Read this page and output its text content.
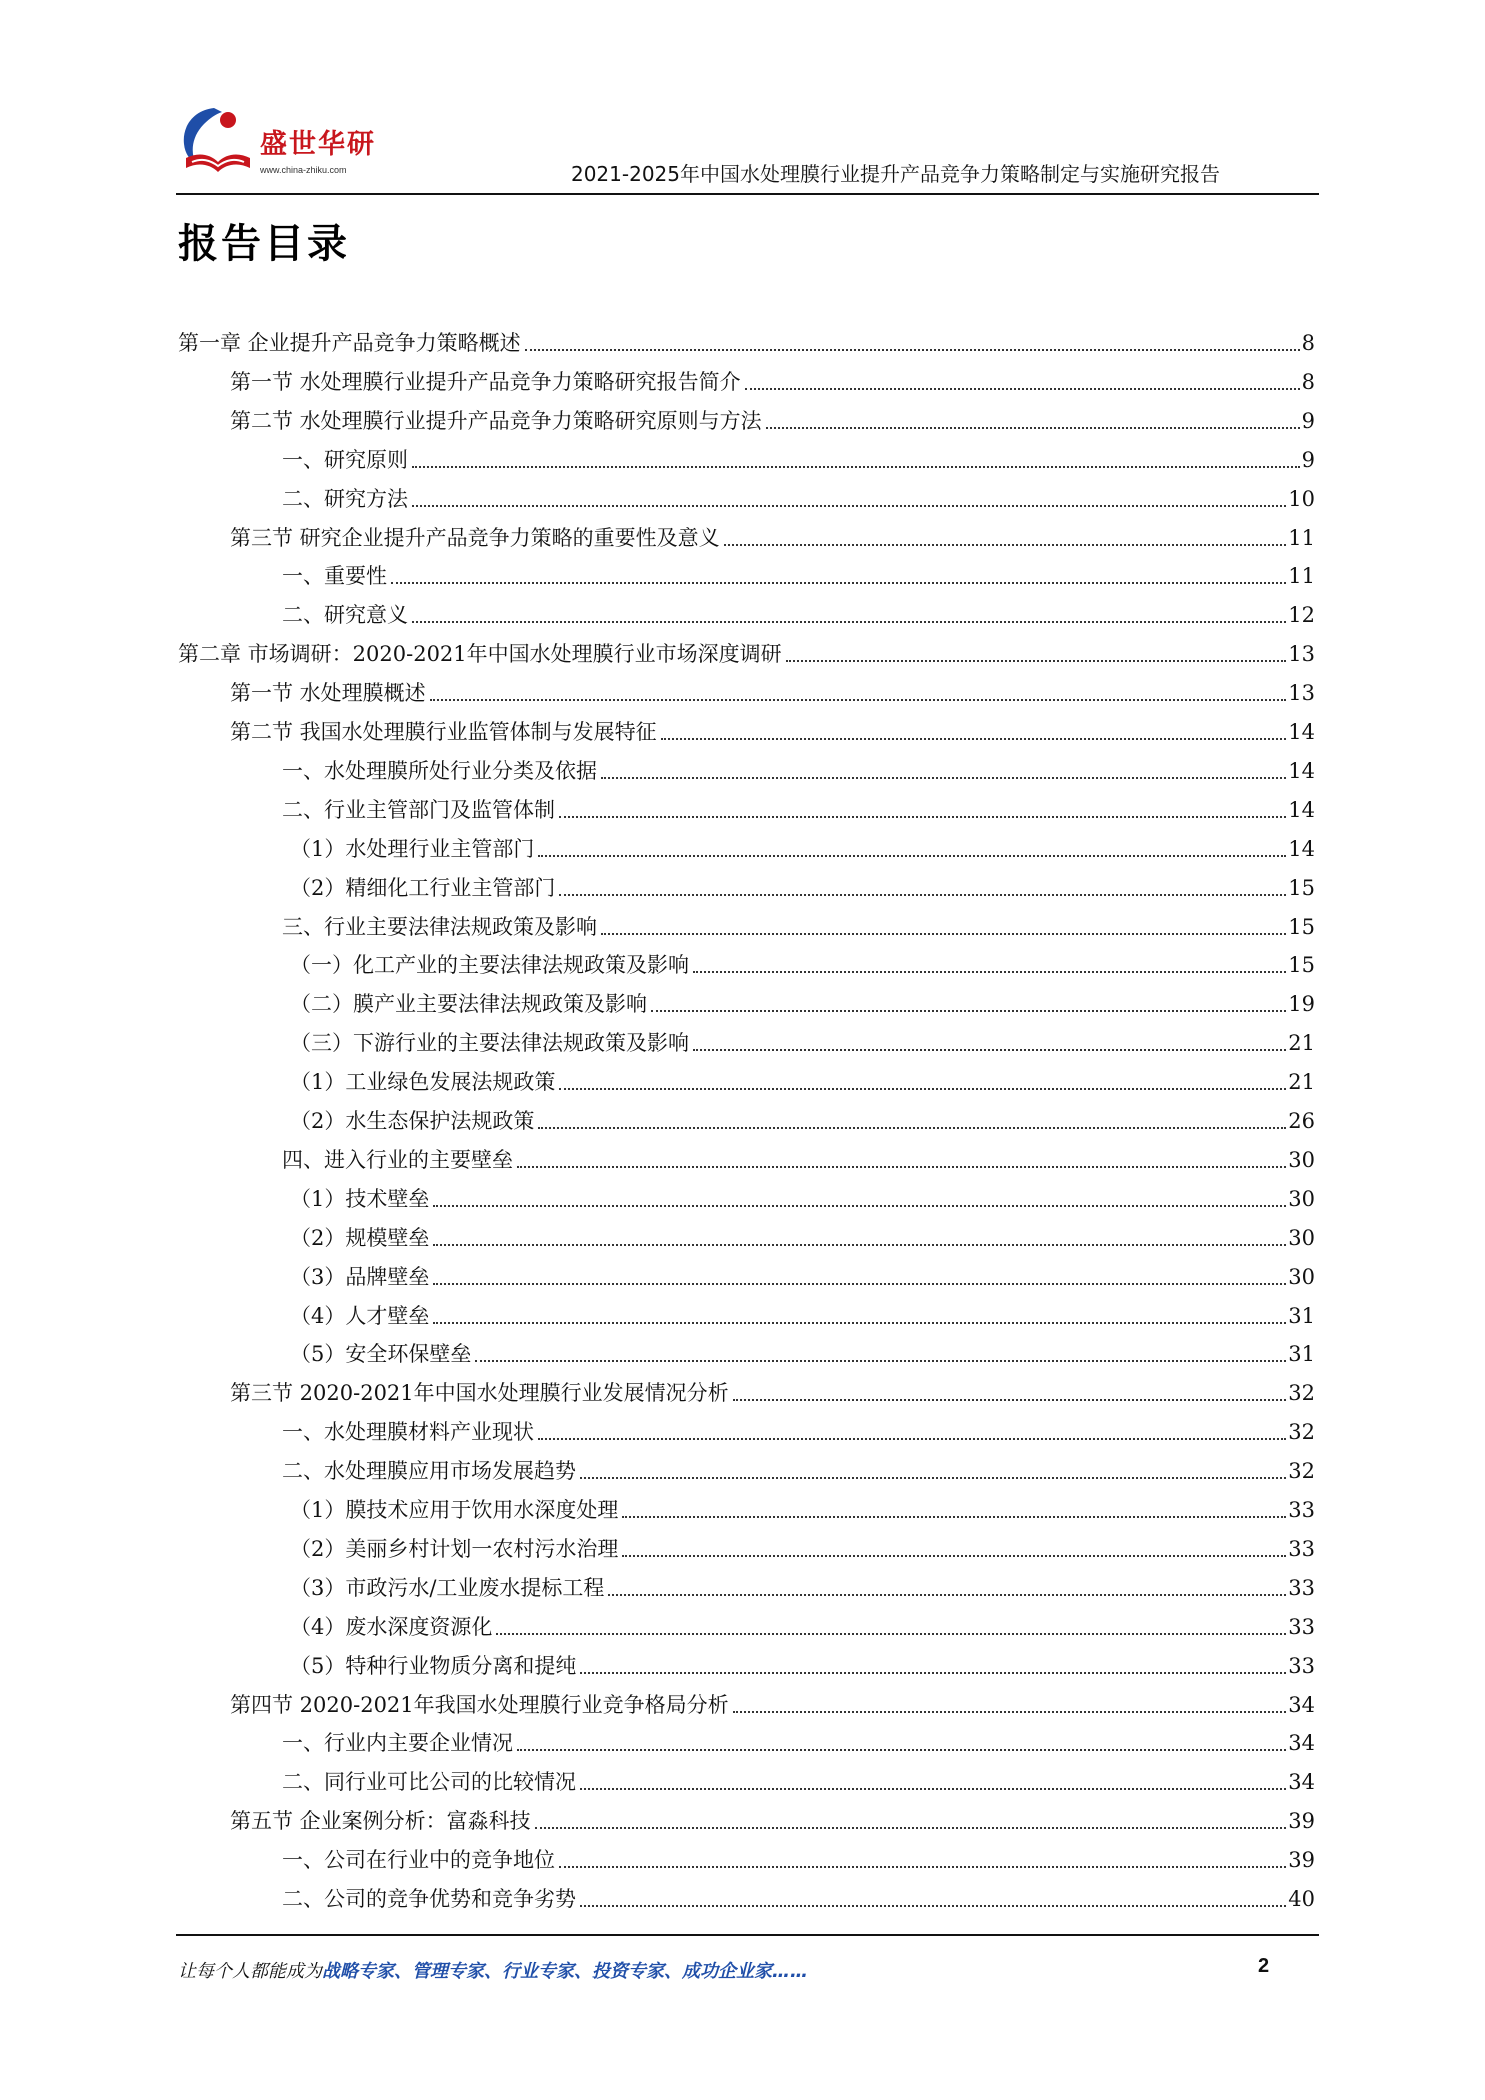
盛世华研
www.china-zhiku.com	2021-2025年中国水处理膜行业提升产品竞争力策略制定与实施研究报告
报告目录
第一章 企业提升产品竞争力策略概述	8
第一节 水处理膜行业提升产品竞争力策略研究报告简介	8
第二节 水处理膜行业提升产品竞争力策略研究原则与方法	9
一、研究原则	9
二、研究方法	10
第三节 研究企业提升产品竞争力策略的重要性及意义	11
一、重要性	11
二、研究意义	12
第二章 市场调研：2020-2021年中国水处理膜行业市场深度调研	13
第一节 水处理膜概述	13
第二节 我国水处理膜行业监管体制与发展特征	14
一、水处理膜所处行业分类及依据	14
二、行业主管部门及监管体制	14
（1）水处理行业主管部门	14
（2）精细化工行业主管部门	15
三、行业主要法律法规政策及影响	15
（一）化工产业的主要法律法规政策及影响	15
（二）膜产业主要法律法规政策及影响	19
（三）下游行业的主要法律法规政策及影响	21
（1）工业绿色发展法规政策	21
（2）水生态保护法规政策	26
四、进入行业的主要壁垒	30
（1）技术壁垒	30
（2）规模壁垒	30
（3）品牌壁垒	30
（4）人才壁垒	31
（5）安全环保壁垒	31
第三节 2020-2021年中国水处理膜行业发展情况分析	32
一、水处理膜材料产业现状	32
二、水处理膜应用市场发展趋势	32
（1）膜技术应用于饮用水深度处理	33
（2）美丽乡村计划一农村污水治理	33
（3）市政污水/工业废水提标工程	33
（4）废水深度资源化	33
（5）特种行业物质分离和提纯	33
第四节 2020-2021年我国水处理膜行业竞争格局分析	34
一、行业内主要企业情况	34
二、同行业可比公司的比较情况	34
第五节 企业案例分析：富淼科技	39
一、公司在行业中的竞争地位	39
二、公司的竞争优势和竞争劣势	40
让每个人都能成为战略专家、管理专家、行业专家、投资专家、成功企业家……	2
